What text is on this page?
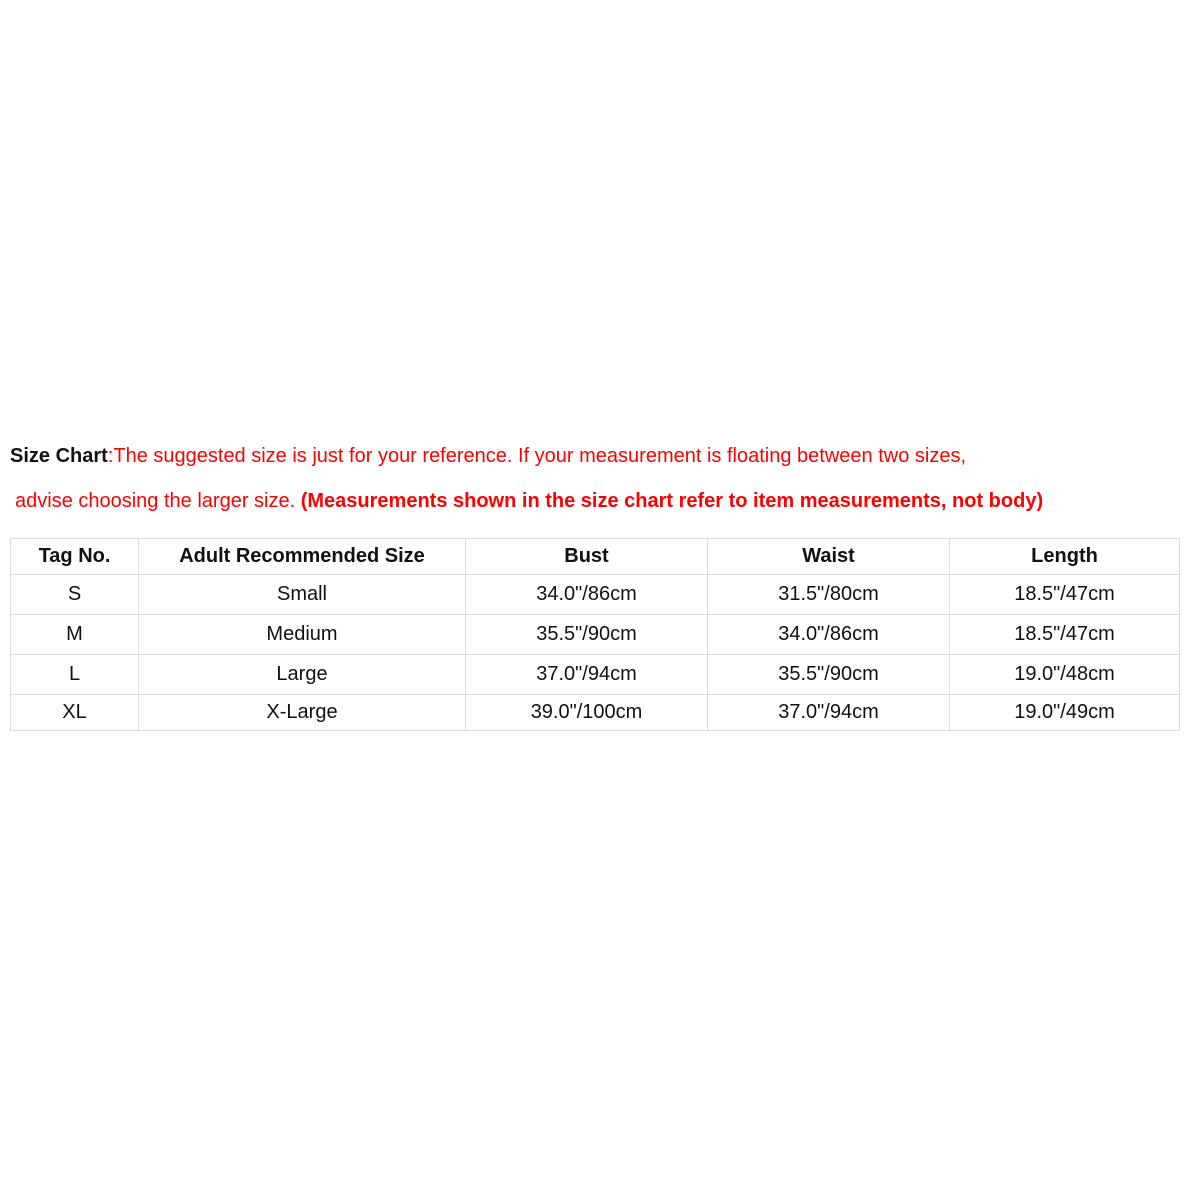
Size Chart:The suggested size is just for your reference. If your measurement is floating between two sizes,
advise choosing the larger size. (Measurements shown in the size chart refer to item measurements, not body)
Tag No.	Adult Recommended Size	Bust	Waist	Length
S	Small	34.0"/86cm	31.5"/80cm	18.5"/47cm
M	Medium	35.5"/90cm	34.0"/86cm	18.5"/47cm
L	Large	37.0"/94cm	35.5"/90cm	19.0"/48cm
XL	X-Large	39.0"/100cm	37.0"/94cm	19.0"/49cm
